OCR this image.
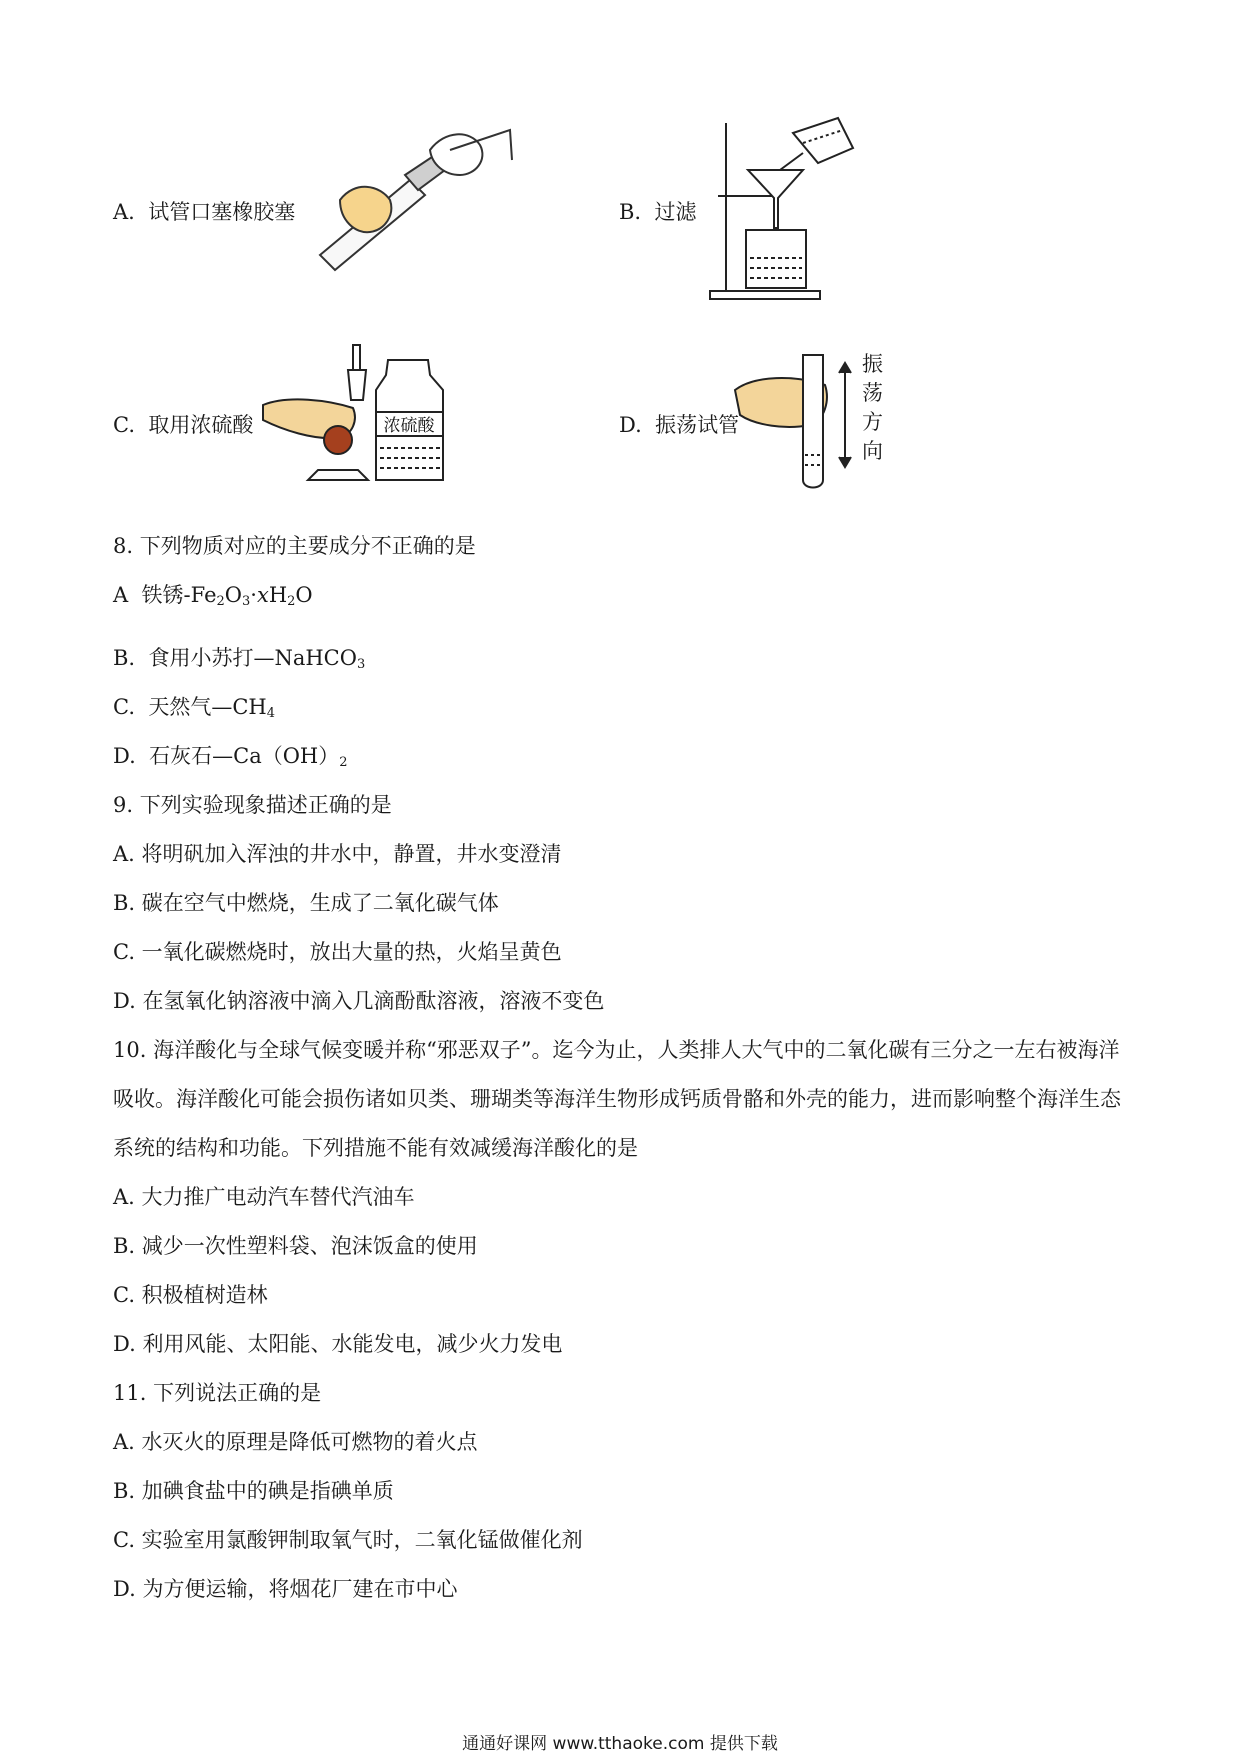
A. 试管口塞橡胶塞	B. 过滤
C. 取用浓硫酸	D. 振荡试管
浓硫酸
振
荡
方
向
8. 下列物质对应的主要成分不正确的是
A 铁锈$-Fe_2O_3\cdot xH_2O$
B. 食用小苏打—NaHCO$_3$
C. 天然气$—CH_4$
D. 石灰石$—Ca(OH)_2$
9. 下列实验现象描述正确的是
A. 将明矾加入浑浊的井水中，静置，井水变澄清
B. 碳在空气中燃烧，生成了二氧化碳气体
C. 一氧化碳燃烧时，放出大量的热，火焰呈黄色
D. 在氢氧化钠溶液中滴入几滴酚酞溶液，溶液不变色
10. 海洋酸化与全球气候变暖并称“邪恶双子”。迄今为止，人类排人大气中的二氧化碳有三分之一左右被海洋吸收。海洋酸化可能会损伤诸如贝类、珊瑚类等海洋生物形成钙质骨骼和外壳的能力，进而影响整个海洋生态系统的结构和功能。下列措施不能有效减缓海洋酸化的是
A. 大力推广电动汽车替代汽油车
B. 减少一次性塑料袋、泡沫饭盒的使用
C. 积极植树造林
D. 利用风能、太阳能、水能发电，减少火力发电
11. 下列说法正确的是
A. 水灭火的原理是降低可燃物的着火点
B. 加碘食盐中的碘是指碘单质
C. 实验室用氯酸钾制取氧气时，二氧化锰做催化剂
D. 为方便运输，将烟花厂建在市中心
通通好课网 www.tthaoke.com 提供下载
